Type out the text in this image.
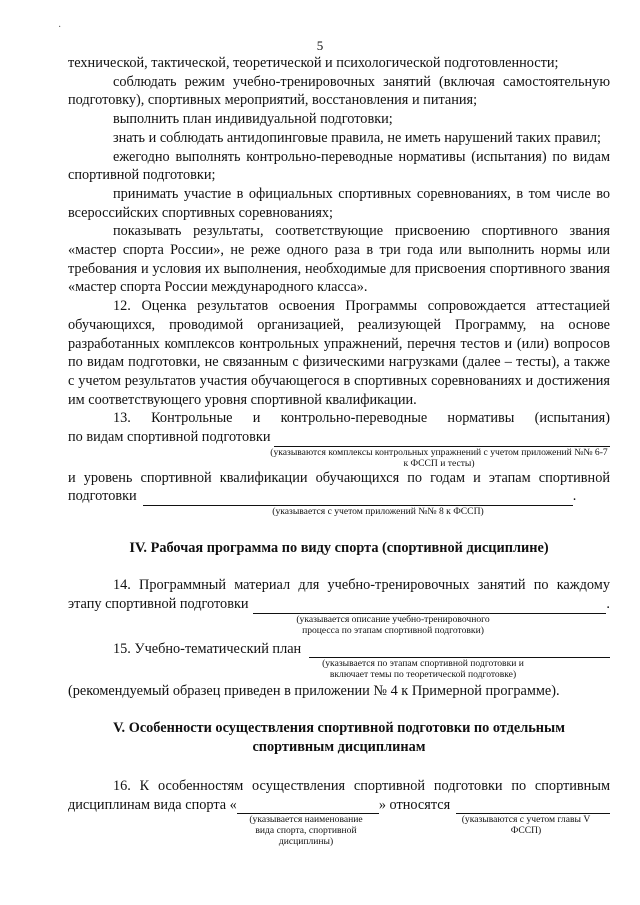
·
5

технической, тактической, теоретической и психологической подготовленности;

соблюдать режим учебно-тренировочных занятий (включая самостоятельную подготовку), спортивных мероприятий, восстановления и питания;

выполнить план индивидуальной подготовки;

знать и соблюдать антидопинговые правила, не иметь нарушений таких правил;

ежегодно выполнять контрольно-переводные нормативы (испытания) по видам спортивной подготовки;

принимать участие в официальных спортивных соревнованиях, в том числе во всероссийских спортивных соревнованиях;

показывать результаты, соответствующие присвоению спортивного звания «мастер спорта России», не реже одного раза в три года или выполнить нормы или требования и условия их выполнения, необходимые для присвоения спортивного звания «мастер спорта России международного класса».

12. Оценка результатов освоения Программы сопровождается аттестацией обучающихся, проводимой организацией, реализующей Программу, на основе разработанных комплексов контрольных упражнений, перечня тестов и (или) вопросов по видам подготовки, не связанным с физическими нагрузками (далее – тесты), а также с учетом результатов участия обучающегося в спортивных соревнованиях и достижения им соответствующего уровня спортивной квалификации.

13. Контрольные и контрольно-переводные нормативы (испытания)

по видам спортивной подготовки

(указываются комплексы контрольных упражнений с учетом приложений №№ 6-7 к ФССП и тесты)

и уровень спортивной квалификации обучающихся по годам и этапам спортивной

подготовки	.

(указывается с учетом приложений №№ 8 к ФССП)

IV. Рабочая программа по виду спорта (спортивной дисциплине)

14. Программный материал для учебно-тренировочных занятий по каждому

этапу спортивной подготовки	.

(указывается описание учебно-тренировочного процесса по этапам спортивной подготовки)

15. Учебно-тематический план

(указывается по этапам спортивной подготовки и включает темы по теоретической подготовке)

(рекомендуемый образец приведен в приложении № 4 к Примерной программе).

V. Особенности осуществления спортивной подготовки по отдельным

спортивным дисциплинам

16. К особенностям осуществления спортивной подготовки по спортивным

дисциплинам вида спорта «	» относятся

(указывается наименование вида спорта, спортивной дисциплины)

(указываются с учетом главы V ФССП)
